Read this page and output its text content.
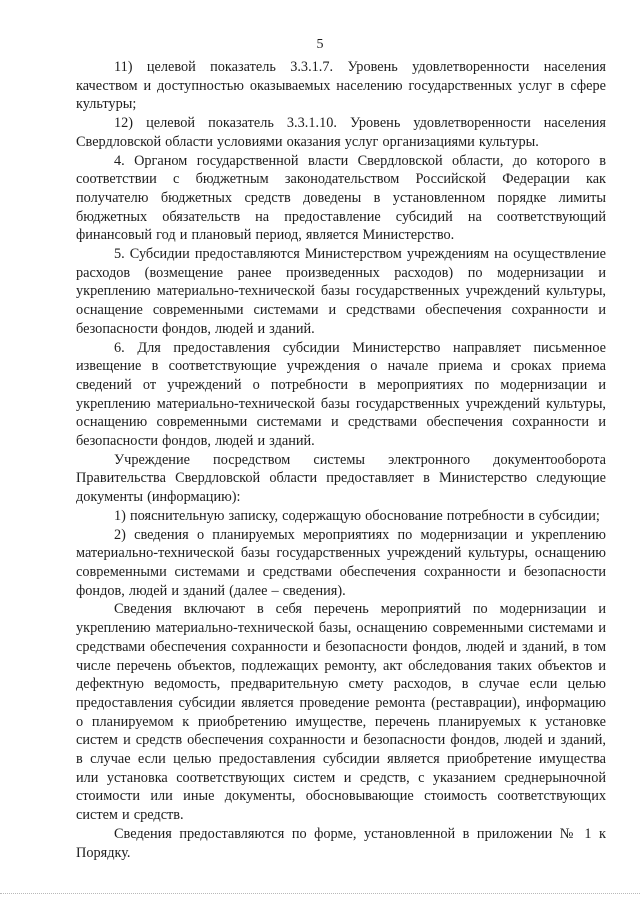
5

11) целевой показатель 3.3.1.7. Уровень удовлетворенности населения качеством и доступностью оказываемых населению государственных услуг в сфере культуры;

12) целевой показатель 3.3.1.10. Уровень удовлетворенности населения Свердловской области условиями оказания услуг организациями культуры.

4. Органом государственной власти Свердловской области, до которого в соответствии с бюджетным законодательством Российской Федерации как получателю бюджетных средств доведены в установленном порядке лимиты бюджетных обязательств на предоставление субсидий на соответствующий финансовый год и плановый период, является Министерство.

5. Субсидии предоставляются Министерством учреждениям на осуществление расходов (возмещение ранее произведенных расходов) по модернизации и укреплению материально-технической базы государственных учреждений культуры, оснащение современными системами и средствами обеспечения сохранности и безопасности фондов, людей и зданий.

6. Для предоставления субсидии Министерство направляет письменное извещение в соответствующие учреждения о начале приема и сроках приема сведений от учреждений о потребности в мероприятиях по модернизации и укреплению материально-технической базы государственных учреждений культуры, оснащению современными системами и средствами обеспечения сохранности и безопасности фондов, людей и зданий.

Учреждение посредством системы электронного документооборота Правительства Свердловской области предоставляет в Министерство следующие документы (информацию):

1) пояснительную записку, содержащую обоснование потребности в субсидии;

2) сведения о планируемых мероприятиях по модернизации и укреплению материально-технической базы государственных учреждений культуры, оснащению современными системами и средствами обеспечения сохранности и безопасности фондов, людей и зданий (далее – сведения).

Сведения включают в себя перечень мероприятий по модернизации и укреплению материально-технической базы, оснащению современными системами и средствами обеспечения сохранности и безопасности фондов, людей и зданий, в том числе перечень объектов, подлежащих ремонту, акт обследования таких объектов и дефектную ведомость, предварительную смету расходов, в случае если целью предоставления субсидии является проведение ремонта (реставрации), информацию о планируемом к приобретению имуществе, перечень планируемых к установке систем и средств обеспечения сохранности и безопасности фондов, людей и зданий, в случае если целью предоставления субсидии является приобретение имущества или установка соответствующих систем и средств, с указанием среднерыночной стоимости или иные документы, обосновывающие стоимость соответствующих систем и средств.

Сведения предоставляются по форме, установленной в приложении № 1 к Порядку.
